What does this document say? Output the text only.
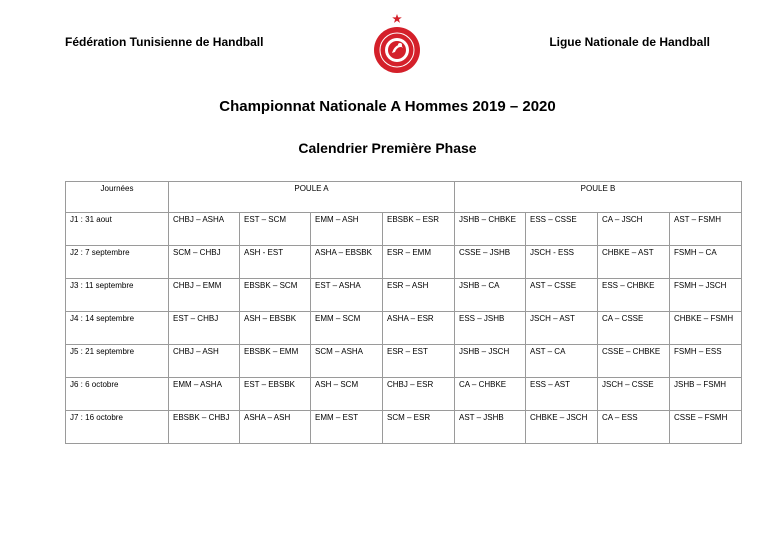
Fédération Tunisienne de Handball	Ligue Nationale de Handball
Championnat Nationale A Hommes 2019 – 2020
Calendrier Première Phase
Journées	POULE A				POULE B			
J1 : 31 aout	CHBJ – ASHA	EST – SCM	EMM – ASH	EBSBK – ESR	JSHB – CHBKE	ESS – CSSE	CA – JSCH	AST – FSMH
J2 : 7 septembre	SCM – CHBJ	ASH - EST	ASHA – EBSBK	ESR – EMM	CSSE – JSHB	JSCH - ESS	CHBKE – AST	FSMH – CA
J3 : 11 septembre	CHBJ – EMM	EBSBK – SCM	EST – ASHA	ESR – ASH	JSHB – CA	AST – CSSE	ESS – CHBKE	FSMH – JSCH
J4 : 14 septembre	EST – CHBJ	ASH – EBSBK	EMM – SCM	ASHA – ESR	ESS – JSHB	JSCH – AST	CA – CSSE	CHBKE – FSMH
J5 : 21 septembre	CHBJ – ASH	EBSBK – EMM	SCM – ASHA	ESR – EST	JSHB – JSCH	AST – CA	CSSE – CHBKE	FSMH – ESS
J6 : 6 octobre	EMM – ASHA	EST – EBSBK	ASH – SCM	CHBJ – ESR	CA – CHBKE	ESS – AST	JSCH – CSSE	JSHB – FSMH
J7 : 16 octobre	EBSBK – CHBJ	ASHA – ASH	EMM – EST	SCM – ESR	AST – JSHB	CHBKE – JSCH	CA – ESS	CSSE – FSMH
